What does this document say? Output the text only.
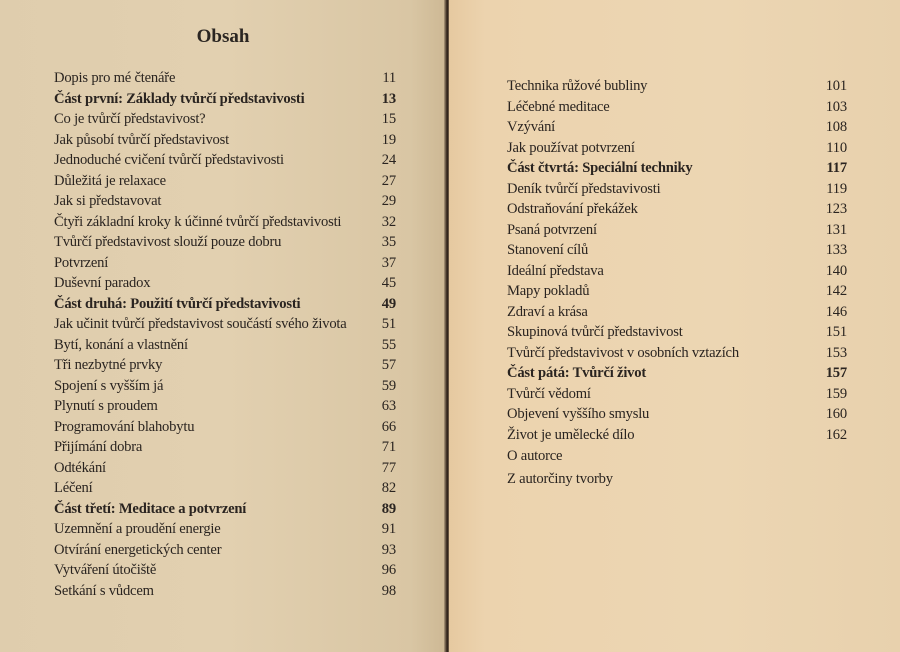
Obsah
Dopis pro mé čtenáře	11
Část první: Základy tvůrčí představivosti	13
Co je tvůrčí představivost?	15
Jak působí tvůrčí představivost	19
Jednoduché cvičení tvůrčí představivosti	24
Důležitá je relaxace	27
Jak si představovat	29
Čtyři základní kroky k účinné tvůrčí představivosti	32
Tvůrčí představivost slouží pouze dobru	35
Potvrzení	37
Duševní paradox	45
Část druhá: Použití tvůrčí představivosti	49
Jak učinit tvůrčí představivost součástí svého života	51
Bytí, konání a vlastnění	55
Tři nezbytné prvky	57
Spojení s vyšším já	59
Plynutí s proudem	63
Programování blahobytu	66
Přijímání dobra	71
Odtékání	77
Léčení	82
Část třetí: Meditace a potvrzení	89
Uzemnění a proudění energie	91
Otvírání energetických center	93
Vytváření útočiště	96
Setkání s vůdcem	98
Technika růžové bubliny	101
Léčebné meditace	103
Vzývání	108
Jak používat potvrzení	110
Část čtvrtá: Speciální techniky	117
Deník tvůrčí představivosti	119
Odstraňování překážek	123
Psaná potvrzení	131
Stanovení cílů	133
Ideální představa	140
Mapy pokladů	142
Zdraví a krása	146
Skupinová tvůrčí představivost	151
Tvůrčí představivost v osobních vztazích	153
Část pátá: Tvůrčí život	157
Tvůrčí vědomí	159
Objevení vyššího smyslu	160
Život je umělecké dílo	162
O autorce
Z autorčiny tvorby
